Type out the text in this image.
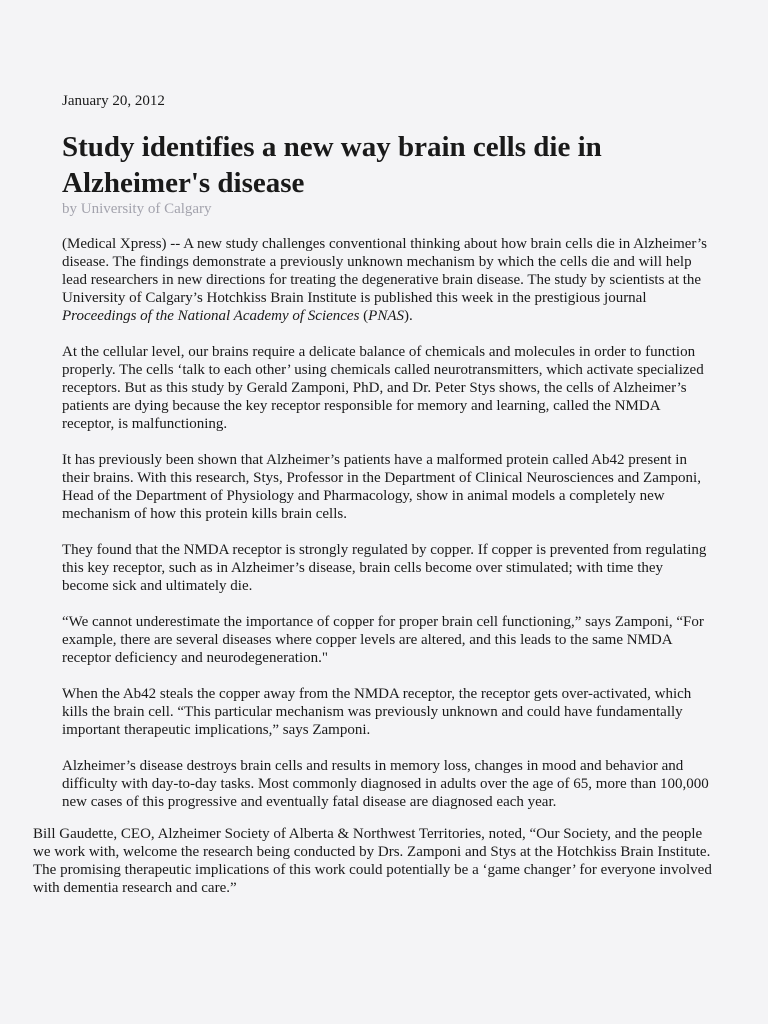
January 20, 2012
Study identifies a new way brain cells die in Alzheimer's disease
by University of Calgary

(Medical Xpress) -- A new study challenges conventional thinking about how brain cells die in Alzheimer’s disease. The findings demonstrate a previously unknown mechanism by which the cells die and will help lead researchers in new directions for treating the degenerative brain disease. The study by scientists at the University of Calgary’s Hotchkiss Brain Institute is published this week in the prestigious journal Proceedings of the National Academy of Sciences (PNAS).

At the cellular level, our brains require a delicate balance of chemicals and molecules in order to function properly. The cells ‘talk to each other’ using chemicals called neurotransmitters, which activate specialized receptors. But as this study by Gerald Zamponi, PhD, and Dr. Peter Stys shows, the cells of Alzheimer’s patients are dying because the key receptor responsible for memory and learning, called the NMDA receptor, is malfunctioning.

It has previously been shown that Alzheimer’s patients have a malformed protein called Ab42 present in their brains. With this research, Stys, Professor in the Department of Clinical Neurosciences and Zamponi, Head of the Department of Physiology and Pharmacology, show in animal models a completely new mechanism of how this protein kills brain cells.

They found that the NMDA receptor is strongly regulated by copper. If copper is prevented from regulating this key receptor, such as in Alzheimer’s disease, brain cells become over stimulated; with time they become sick and ultimately die.

“We cannot underestimate the importance of copper for proper brain cell functioning,” says Zamponi, “For example, there are several diseases where copper levels are altered, and this leads to the same NMDA receptor deficiency and neurodegeneration."

When the Ab42 steals the copper away from the NMDA receptor, the receptor gets over-activated, which kills the brain cell. “This particular mechanism was previously unknown and could have fundamentally important therapeutic implications,” says Zamponi.

Alzheimer’s disease destroys brain cells and results in memory loss, changes in mood and behavior and difficulty with day-to-day tasks. Most commonly diagnosed in adults over the age of 65, more than 100,000 new cases of this progressive and eventually fatal disease are diagnosed each year.

Bill Gaudette, CEO, Alzheimer Society of Alberta & Northwest Territories, noted, “Our Society, and the people we work with, welcome the research being conducted by Drs. Zamponi and Stys at the Hotchkiss Brain Institute. The promising therapeutic implications of this work could potentially be a ‘game changer’ for everyone involved with dementia research and care.”
